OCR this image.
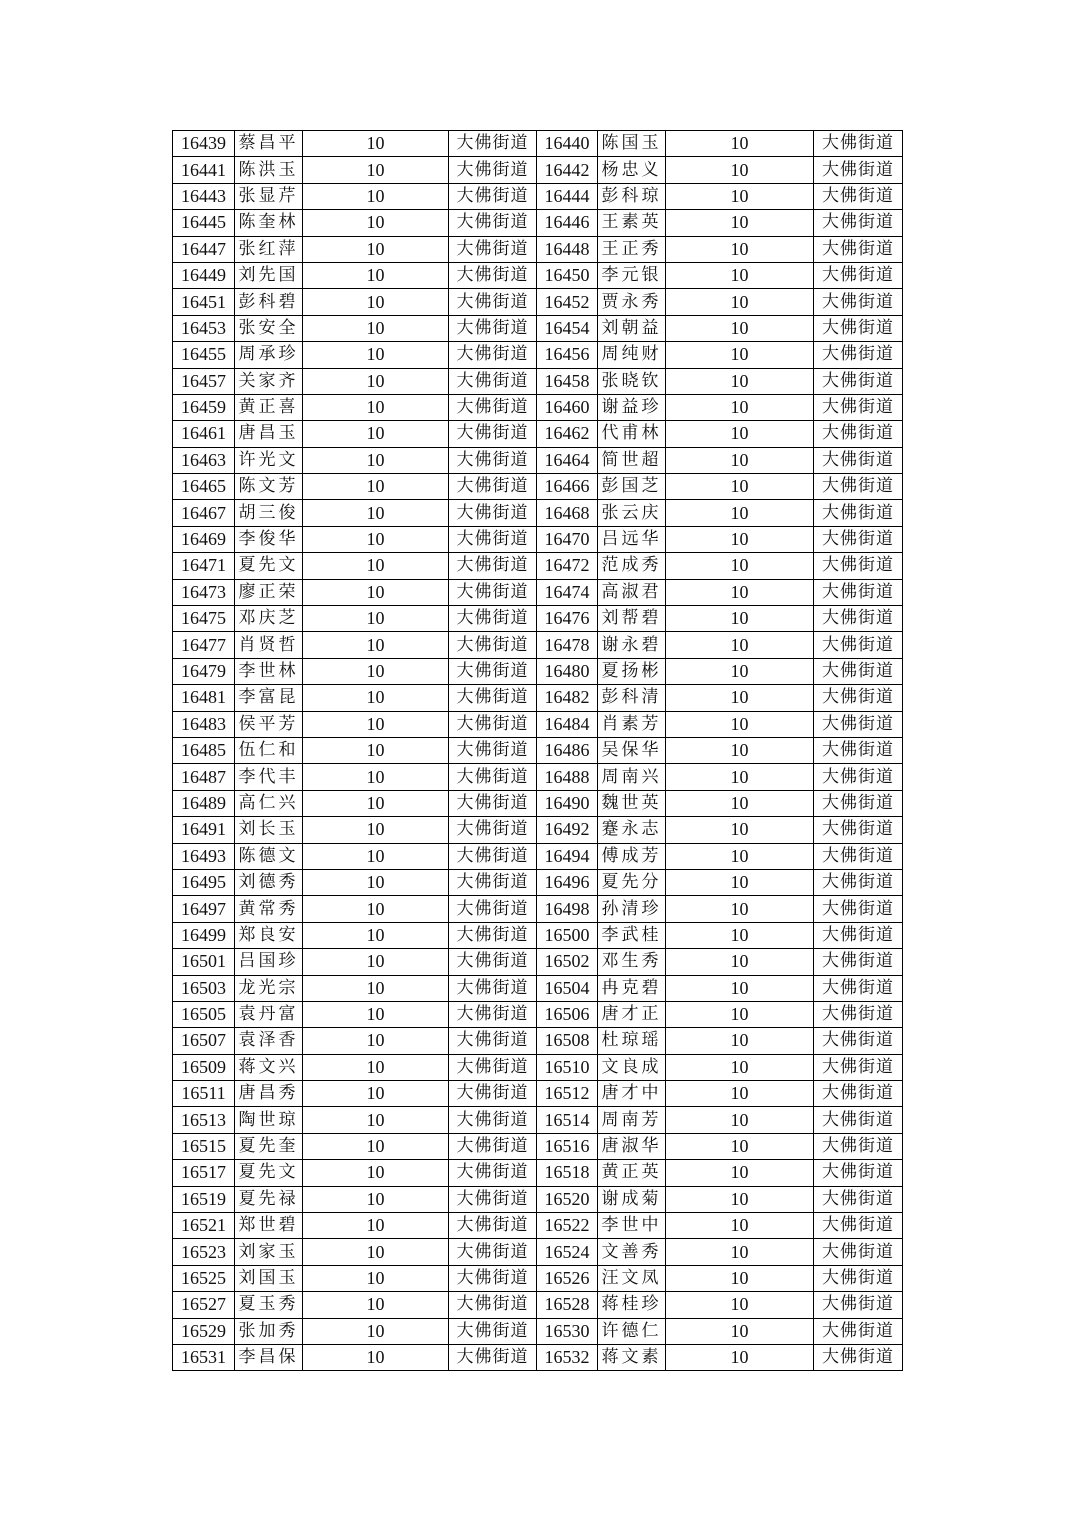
16439	蔡昌平	10	大佛街道	16440	陈国玉	10	大佛街道
16441	陈洪玉	10	大佛街道	16442	杨忠义	10	大佛街道
16443	张显芹	10	大佛街道	16444	彭科琼	10	大佛街道
16445	陈奎林	10	大佛街道	16446	王素英	10	大佛街道
16447	张红萍	10	大佛街道	16448	王正秀	10	大佛街道
16449	刘先国	10	大佛街道	16450	李元银	10	大佛街道
16451	彭科碧	10	大佛街道	16452	贾永秀	10	大佛街道
16453	张安全	10	大佛街道	16454	刘朝益	10	大佛街道
16455	周承珍	10	大佛街道	16456	周纯财	10	大佛街道
16457	关家齐	10	大佛街道	16458	张晓钦	10	大佛街道
16459	黄正喜	10	大佛街道	16460	谢益珍	10	大佛街道
16461	唐昌玉	10	大佛街道	16462	代甫林	10	大佛街道
16463	许光文	10	大佛街道	16464	简世超	10	大佛街道
16465	陈文芳	10	大佛街道	16466	彭国芝	10	大佛街道
16467	胡三俊	10	大佛街道	16468	张云庆	10	大佛街道
16469	李俊华	10	大佛街道	16470	吕远华	10	大佛街道
16471	夏先文	10	大佛街道	16472	范成秀	10	大佛街道
16473	廖正荣	10	大佛街道	16474	高淑君	10	大佛街道
16475	邓庆芝	10	大佛街道	16476	刘帮碧	10	大佛街道
16477	肖贤哲	10	大佛街道	16478	谢永碧	10	大佛街道
16479	李世林	10	大佛街道	16480	夏扬彬	10	大佛街道
16481	李富昆	10	大佛街道	16482	彭科清	10	大佛街道
16483	侯平芳	10	大佛街道	16484	肖素芳	10	大佛街道
16485	伍仁和	10	大佛街道	16486	吴保华	10	大佛街道
16487	李代丰	10	大佛街道	16488	周南兴	10	大佛街道
16489	高仁兴	10	大佛街道	16490	魏世英	10	大佛街道
16491	刘长玉	10	大佛街道	16492	蹇永志	10	大佛街道
16493	陈德文	10	大佛街道	16494	傅成芳	10	大佛街道
16495	刘德秀	10	大佛街道	16496	夏先分	10	大佛街道
16497	黄常秀	10	大佛街道	16498	孙清珍	10	大佛街道
16499	郑良安	10	大佛街道	16500	李武桂	10	大佛街道
16501	吕国珍	10	大佛街道	16502	邓生秀	10	大佛街道
16503	龙光宗	10	大佛街道	16504	冉克碧	10	大佛街道
16505	袁丹富	10	大佛街道	16506	唐才正	10	大佛街道
16507	袁泽香	10	大佛街道	16508	杜琼瑶	10	大佛街道
16509	蒋文兴	10	大佛街道	16510	文良成	10	大佛街道
16511	唐昌秀	10	大佛街道	16512	唐才中	10	大佛街道
16513	陶世琼	10	大佛街道	16514	周南芳	10	大佛街道
16515	夏先奎	10	大佛街道	16516	唐淑华	10	大佛街道
16517	夏先文	10	大佛街道	16518	黄正英	10	大佛街道
16519	夏先禄	10	大佛街道	16520	谢成菊	10	大佛街道
16521	郑世碧	10	大佛街道	16522	李世中	10	大佛街道
16523	刘家玉	10	大佛街道	16524	文善秀	10	大佛街道
16525	刘国玉	10	大佛街道	16526	汪文凤	10	大佛街道
16527	夏玉秀	10	大佛街道	16528	蒋桂珍	10	大佛街道
16529	张加秀	10	大佛街道	16530	许德仁	10	大佛街道
16531	李昌保	10	大佛街道	16532	蒋文素	10	大佛街道
